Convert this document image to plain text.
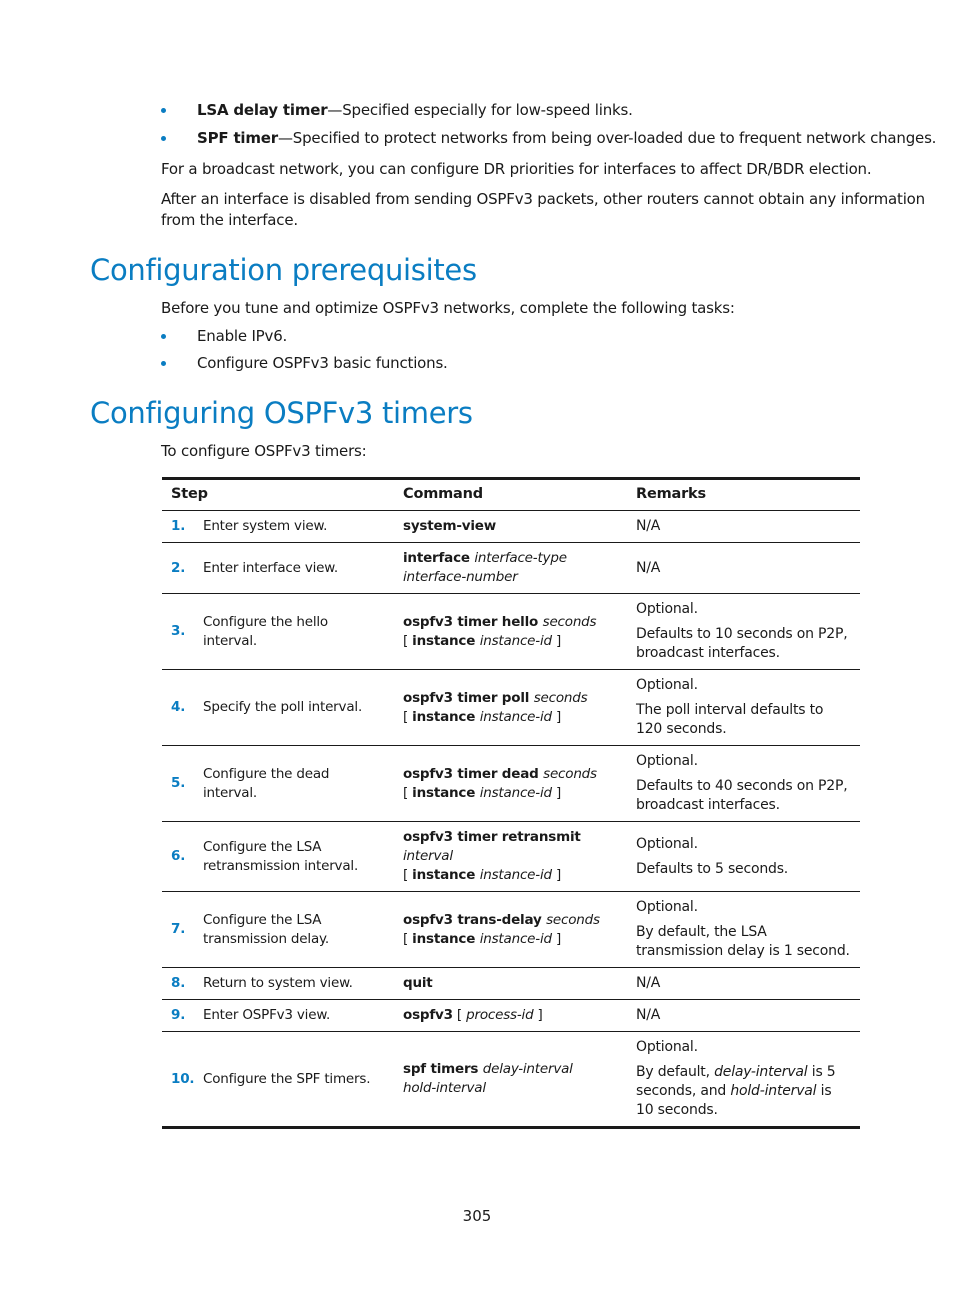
LSA delay timer—Specified especially for low-speed links.
SPF timer—Specified to protect networks from being over-loaded due to frequent network changes.
For a broadcast network, you can configure DR priorities for interfaces to affect DR/BDR election.
After an interface is disabled from sending OSPFv3 packets, other routers cannot obtain any information
from the interface.
Configuration prerequisites
Before you tune and optimize OSPFv3 networks, complete the following tasks:
Enable IPv6.
Configure OSPFv3 basic functions.
Configuring OSPFv3 timers
To configure OSPFv3 timers:
Step	Command	Remarks

1. Enter system view.	system-view	N/A

2. Enter interface view.	interface interface-type
interface-number	N/A

3.
Configure the hello interval.	ospfv3 timer hello seconds
[ instance instance-id ]	Optional.
Defaults to 10 seconds on P2P, broadcast interfaces.

4. Specify the poll interval.	ospfv3 timer poll seconds
[ instance instance-id ]	Optional.
The poll interval defaults to 120 seconds.

5.
Configure the dead interval.	ospfv3 timer dead seconds
[ instance instance-id ]	Optional.
Defaults to 40 seconds on P2P, broadcast interfaces.

6.
Configure the LSA retransmission interval.	ospfv3 timer retransmit interval
[ instance instance-id ]	Optional.
Defaults to 5 seconds.

7.
Configure the LSA transmission delay.	ospfv3 trans-delay seconds
[ instance instance-id ]	Optional.
By default, the LSA transmission delay is 1 second.

8. Return to system view.	quit	N/A

9. Enter OSPFv3 view.	ospfv3 [ process-id ]	N/A

10. Configure the SPF timers.	spf timers delay-interval
hold-interval	Optional.
By default, delay-interval is 5 seconds, and hold-interval is 10 seconds.
305
